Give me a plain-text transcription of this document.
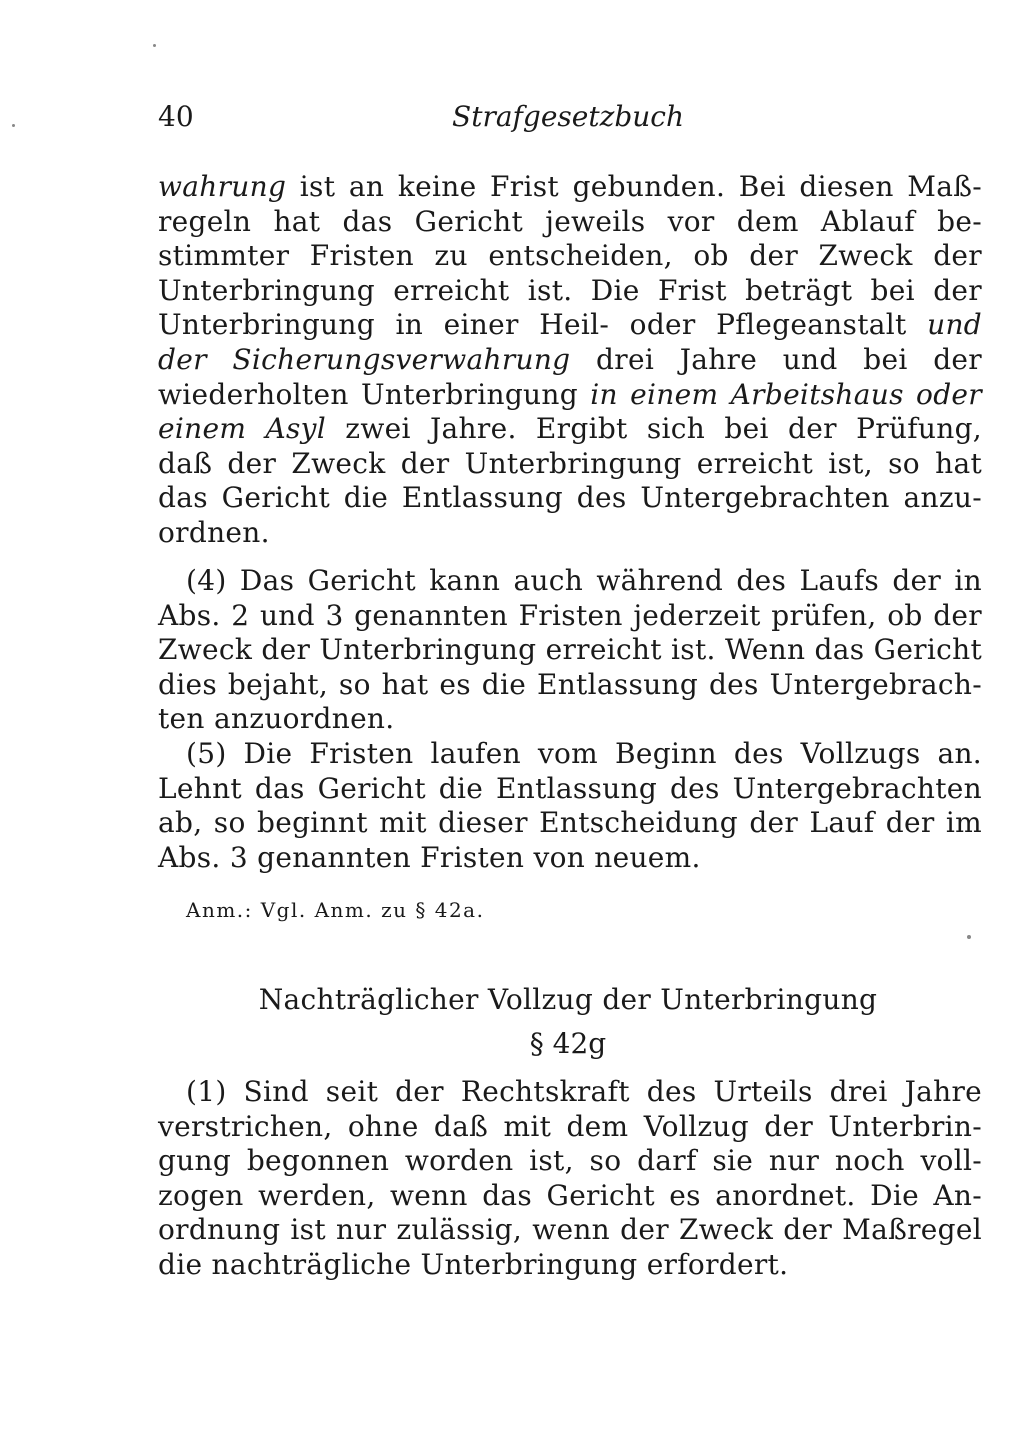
40	Strafgesetzbuch
wahrung ist an keine Frist gebunden. Bei diesen Maß-
regeln hat das Gericht jeweils vor dem Ablauf be-
stimmter Fristen zu entscheiden, ob der Zweck der
Unterbringung erreicht ist. Die Frist beträgt bei der
Unterbringung in einer Heil- oder Pflegeanstalt und
der Sicherungsverwahrung drei Jahre und bei der
wiederholten Unterbringung in einem Arbeitshaus oder
einem Asyl zwei Jahre. Ergibt sich bei der Prüfung,
daß der Zweck der Unterbringung erreicht ist, so hat
das Gericht die Entlassung des Untergebrachten anzu-
ordnen.
(4) Das Gericht kann auch während des Laufs der in
Abs. 2 und 3 genannten Fristen jederzeit prüfen, ob der
Zweck der Unterbringung erreicht ist. Wenn das Gericht
dies bejaht, so hat es die Entlassung des Untergebrach-
ten anzuordnen.
(5) Die Fristen laufen vom Beginn des Vollzugs an.
Lehnt das Gericht die Entlassung des Untergebrachten
ab, so beginnt mit dieser Entscheidung der Lauf der im
Abs. 3 genannten Fristen von neuem.
Anm.: Vgl. Anm. zu § 42a.
Nachträglicher Vollzug der Unterbringung
§ 42g
(1) Sind seit der Rechtskraft des Urteils drei Jahre
verstrichen, ohne daß mit dem Vollzug der Unterbrin-
gung begonnen worden ist, so darf sie nur noch voll-
zogen werden, wenn das Gericht es anordnet. Die An-
ordnung ist nur zulässig, wenn der Zweck der Maßregel
die nachträgliche Unterbringung erfordert.
